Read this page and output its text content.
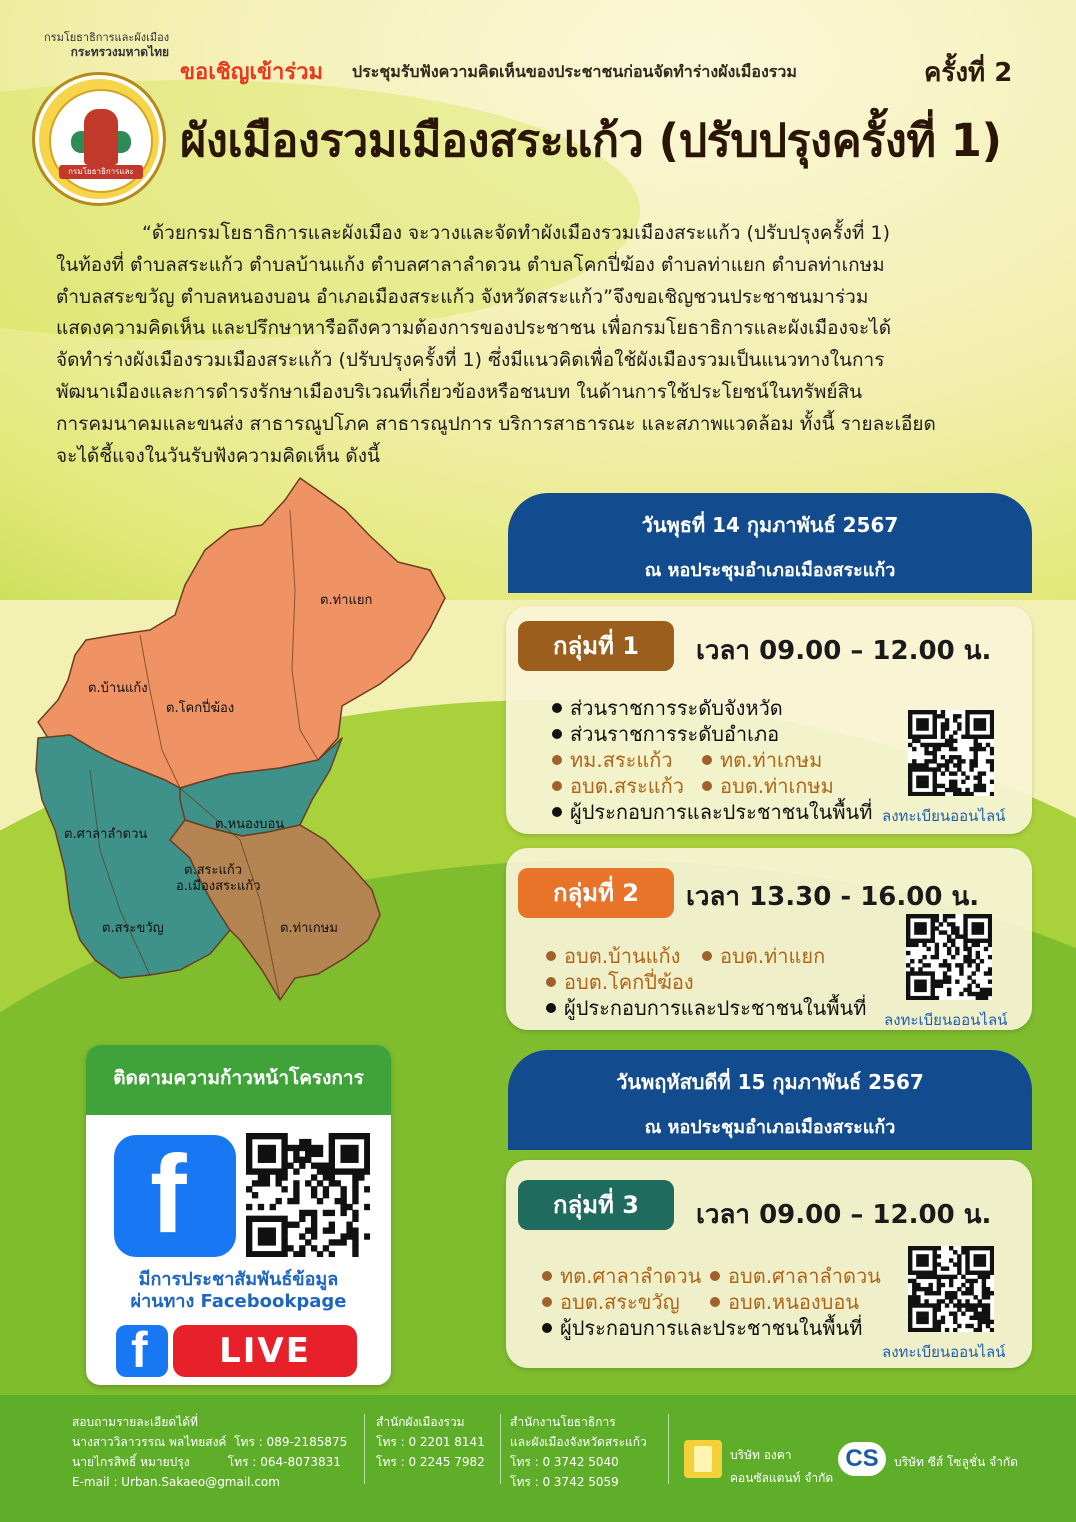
กรมโยธาธิการและผังเมือง
กระทรวงมหาดไทย
กรมโยธาธิการและผังเมือง
ขอเชิญเข้าร่วม ประชุมรับฟังความคิดเห็นของประชาชนก่อนจัดทำร่างผังเมืองรวม	ครั้งที่ 2
ผังเมืองรวมเมืองสระแก้ว (ปรับปรุงครั้งที่ 1)

“ด้วยกรมโยธาธิการและผังเมือง จะวางและจัดทำผังเมืองรวมเมืองสระแก้ว (ปรับปรุงครั้งที่ 1)

ในท้องที่ ตำบลสระแก้ว ตำบลบ้านแก้ง ตำบลศาลาลำดวน ตำบลโคกปี่ฆ้อง ตำบลท่าแยก ตำบลท่าเกษม

ตำบลสระขวัญ ตำบลหนองบอน อำเภอเมืองสระแก้ว จังหวัดสระแก้ว”จึงขอเชิญชวนประชาชนมาร่วม

แสดงความคิดเห็น และปรึกษาหารือถึงความต้องการของประชาชน เพื่อกรมโยธาธิการและผังเมืองจะได้

จัดทำร่างผังเมืองรวมเมืองสระแก้ว (ปรับปรุงครั้งที่ 1) ซึ่งมีแนวคิดเพื่อใช้ผังเมืองรวมเป็นแนวทางในการ

พัฒนาเมืองและการดำรงรักษาเมืองบริเวณที่เกี่ยวข้องหรือชนบท ในด้านการใช้ประโยชน์ในทรัพย์สิน

การคมนาคมและขนส่ง สาธารณูปโภค สาธารณูปการ บริการสาธารณะ และสภาพแวดล้อม ทั้งนี้ รายละเอียด

จะได้ชี้แจงในวันรับฟังความคิดเห็น ดังนี้

ต.ท่าแยก
ต.บ้านแก้ง
ต.โคกปี่ฆ้อง
ต.ศาลาลำดวน
ต.หนองบอน
ต.สระแก้ว
อ.เมืองสระแก้ว
ต.สระขวัญ	ต.ท่าเกษม
วันพุธที่ 14 กุมภาพันธ์ 2567
ณ หอประชุมอำเภอเมืองสระแก้ว
กลุ่มที่ 1	เวลา 09.00 – 12.00 น.
ส่วนราชการระดับจังหวัด
ส่วนราชการระดับอำเภอ
ทม.สระแก้ว	ทต.ท่าเกษม
อบต.สระแก้ว	อบต.ท่าเกษม
ผู้ประกอบการและประชาชนในพื้นที่ ลงทะเบียนออนไลน์
กลุ่มที่ 2	เวลา 13.30 - 16.00 น.
อบต.บ้านแก้ง	อบต.ท่าแยก
อบต.โคกปี่ฆ้อง
ผู้ประกอบการและประชาชนในพื้นที่ ลงทะเบียนออนไลน์
วันพฤหัสบดีที่ 15 กุมภาพันธ์ 2567
ณ หอประชุมอำเภอเมืองสระแก้ว
กลุ่มที่ 3	เวลา 09.00 – 12.00 น.
ทต.ศาลาลำดวน	อบต.ศาลาลำดวน
อบต.สระขวัญ	อบต.หนองบอน
ผู้ประกอบการและประชาชนในพื้นที่
ลงทะเบียนออนไลน์
ติดตามความก้าวหน้าโครงการ
f
มีการประชาสัมพันธ์ข้อมูล
ผ่านทาง Facebookpage
f	LIVE
สอบถามรายละเอียดได้ที่
นางสาววิลาวรรณ พลไทยสงค์  โทร : 089-2185875
นายไกรสิทธิ์ หมายปรุง          โทร : 064-8073831
E-mail : Urban.Sakaeo@gmail.com
สำนักผังเมืองรวม
โทร : 0 2201 8141
โทร : 0 2245 7982
สำนักงานโยธาธิการ
และผังเมืองจังหวัดสระแก้ว
โทร : 0 3742 5040
โทร : 0 3742 5059
บริษัท องคา
คอนซัลแตนท์ จำกัด
CS	บริษัท ซีส์ โซลูชั่น จำกัด
